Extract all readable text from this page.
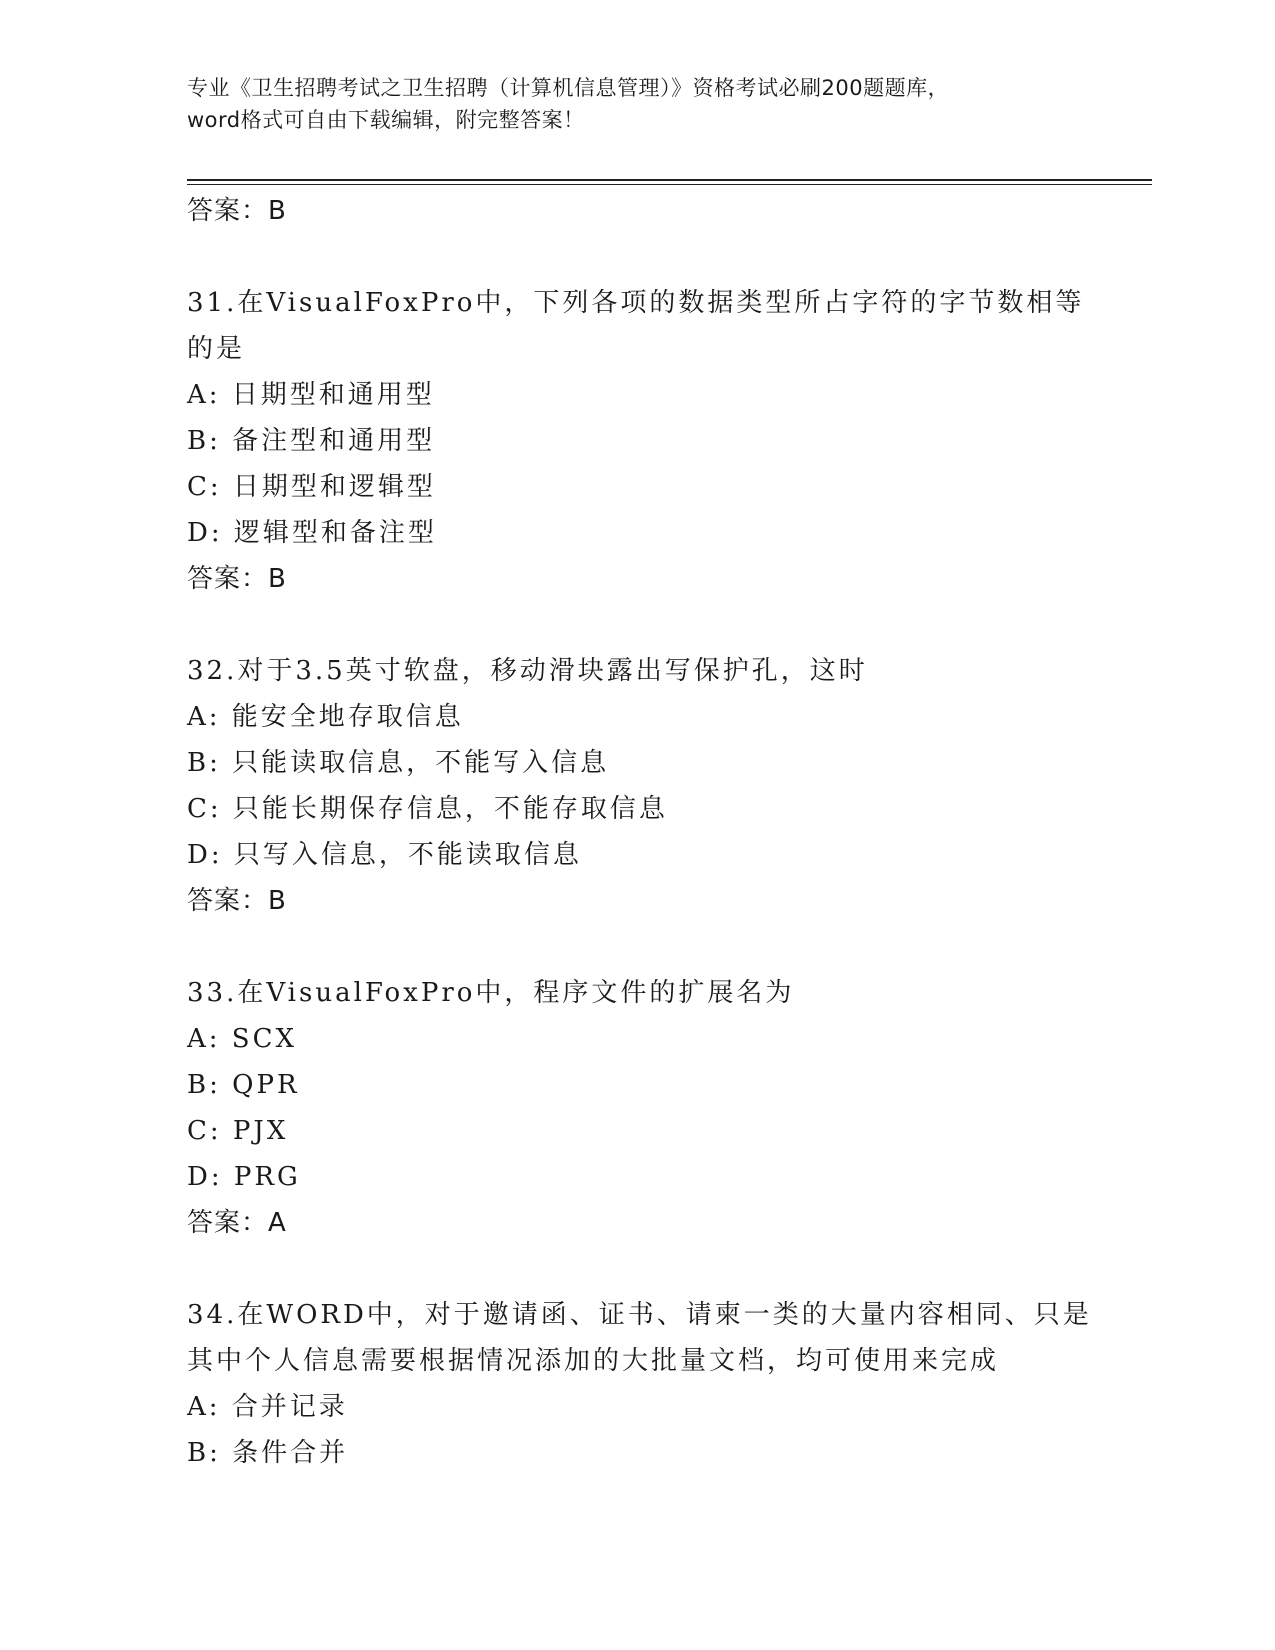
专业《卫生招聘考试之卫生招聘（计算机信息管理）》资格考试必刷200题题库，
word格式可自由下载编辑，附完整答案！
答案：B
31.在VisualFoxPro中，下列各项的数据类型所占字符的字节数相等
的是
A: 日期型和通用型
B: 备注型和通用型
C: 日期型和逻辑型
D: 逻辑型和备注型
答案：B
32.对于3.5英寸软盘，移动滑块露出写保护孔，这时
A: 能安全地存取信息
B: 只能读取信息，不能写入信息
C: 只能长期保存信息，不能存取信息
D: 只写入信息，不能读取信息
答案：B
33.在VisualFoxPro中，程序文件的扩展名为
A: SCX
B: QPR
C: PJX
D: PRG
答案：A
34.在WORD中，对于邀请函、证书、请柬一类的大量内容相同、只是
其中个人信息需要根据情况添加的大批量文档，均可使用来完成
A: 合并记录
B: 条件合并
